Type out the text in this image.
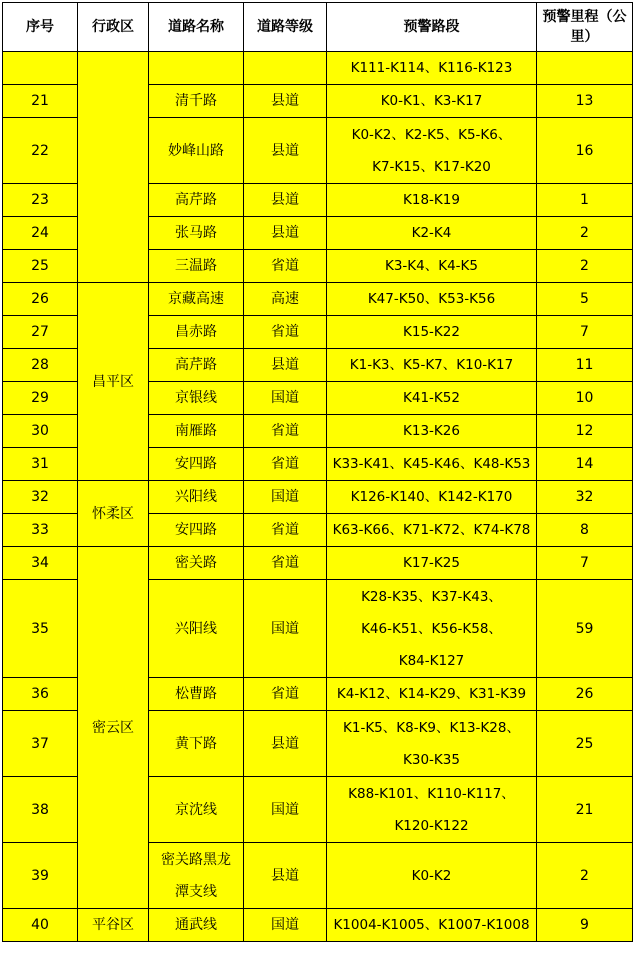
序号	行政区	道路名称	道路等级	预警路段	预警里程（公里）

				K111-K114、K116-K123	

21		清千路	县道	K0-K1、K3-K17	13
22		妙峰山路	县道	K0-K2、K2-K5、K5-K6、
K7-K15、K17-K20	16
23		高芹路	县道	K18-K19	1
24		张马路	县道	K2-K4	2
25		三温路	省道	K3-K4、K4-K5	2
26	昌平区	京藏高速	高速	K47-K50、K53-K56	5
27		昌赤路	省道	K15-K22	7
28		高芹路	县道	K1-K3、K5-K7、K10-K17	11
29		京银线	国道	K41-K52	10
30		南雁路	省道	K13-K26	12
31		安四路	省道	K33-K41、K45-K46、K48-K53	14
32	怀柔区	兴阳线	国道	K126-K140、K142-K170	32
33		安四路	省道	K63-K66、K71-K72、K74-K78	8
34	密云区	密关路	省道	K17-K25	7
35		兴阳线	国道	K28-K35、K37-K43、
K46-K51、K56-K58、
K84-K127	59
36		松曹路	省道	K4-K12、K14-K29、K31-K39	26
37		黄下路	县道	K1-K5、K8-K9、K13-K28、
K30-K35	25
38		京沈线	国道	K88-K101、K110-K117、
K120-K122	21
39		密关路黑龙潭支线	县道	K0-K2	2
40	平谷区	通武线	国道	K1004-K1005、K1007-K1008	9
